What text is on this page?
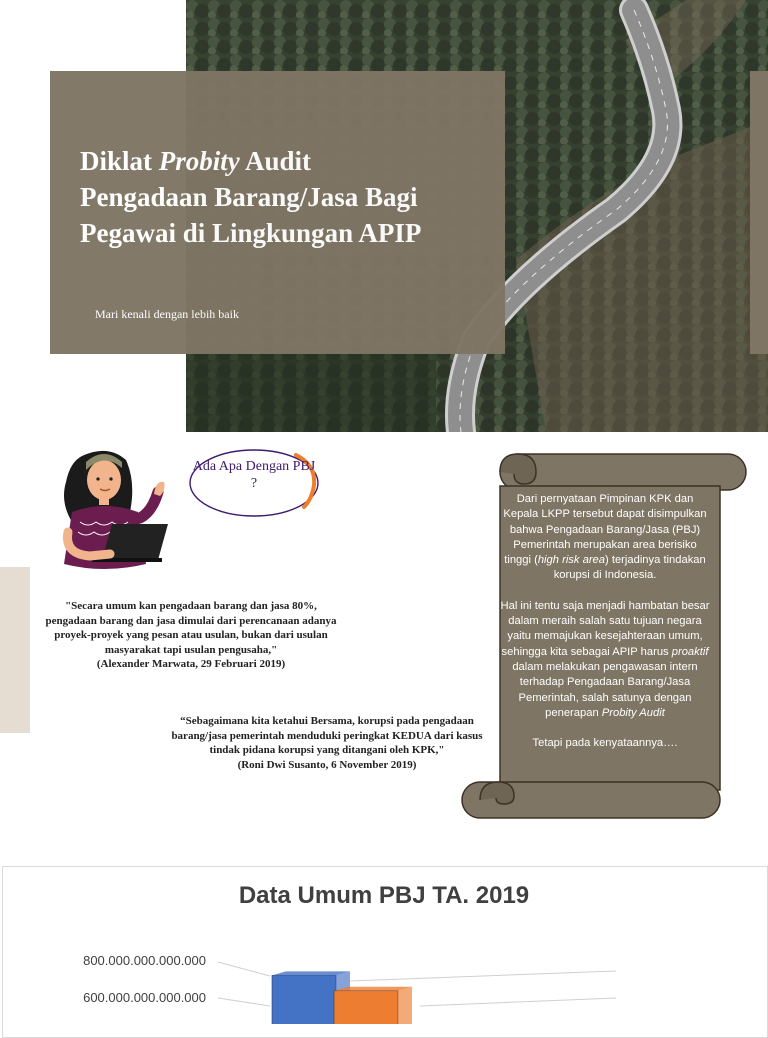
Diklat Probity Audit
Pengadaan Barang/Jasa Bagi
Pegawai di Lingkungan APIP
Mari kenali dengan lebih baik
Ada Apa Dengan PBJ ?
"Secara umum kan pengadaan barang dan jasa 80%, pengadaan barang dan jasa dimulai dari perencanaan adanya proyek-proyek yang pesan atau usulan, bukan dari usulan masyarakat tapi usulan pengusaha,"
(Alexander Marwata, 29 Februari 2019)
“Sebagaimana kita ketahui Bersama, korupsi pada pengadaan barang/jasa pemerintah menduduki peringkat KEDUA dari kasus tindak pidana korupsi yang ditangani oleh KPK,"
(Roni Dwi Susanto, 6 November 2019)

Dari pernyataan Pimpinan KPK dan Kepala LKPP tersebut dapat disimpulkan bahwa Pengadaan Barang/Jasa (PBJ) Pemerintah merupakan area berisiko tinggi (high risk area) terjadinya tindakan korupsi di Indonesia.

Hal ini tentu saja menjadi hambatan besar dalam meraih salah satu tujuan negara yaitu memajukan kesejahteraan umum, sehingga kita sebagai APIP harus proaktif dalam melakukan pengawasan intern terhadap Pengadaan Barang/Jasa Pemerintah, salah satunya dengan penerapan Probity Audit

Tetapi pada kenyataannya….

Data Umum PBJ TA. 2019
800.000.000.000.000
600.000.000.000.000
